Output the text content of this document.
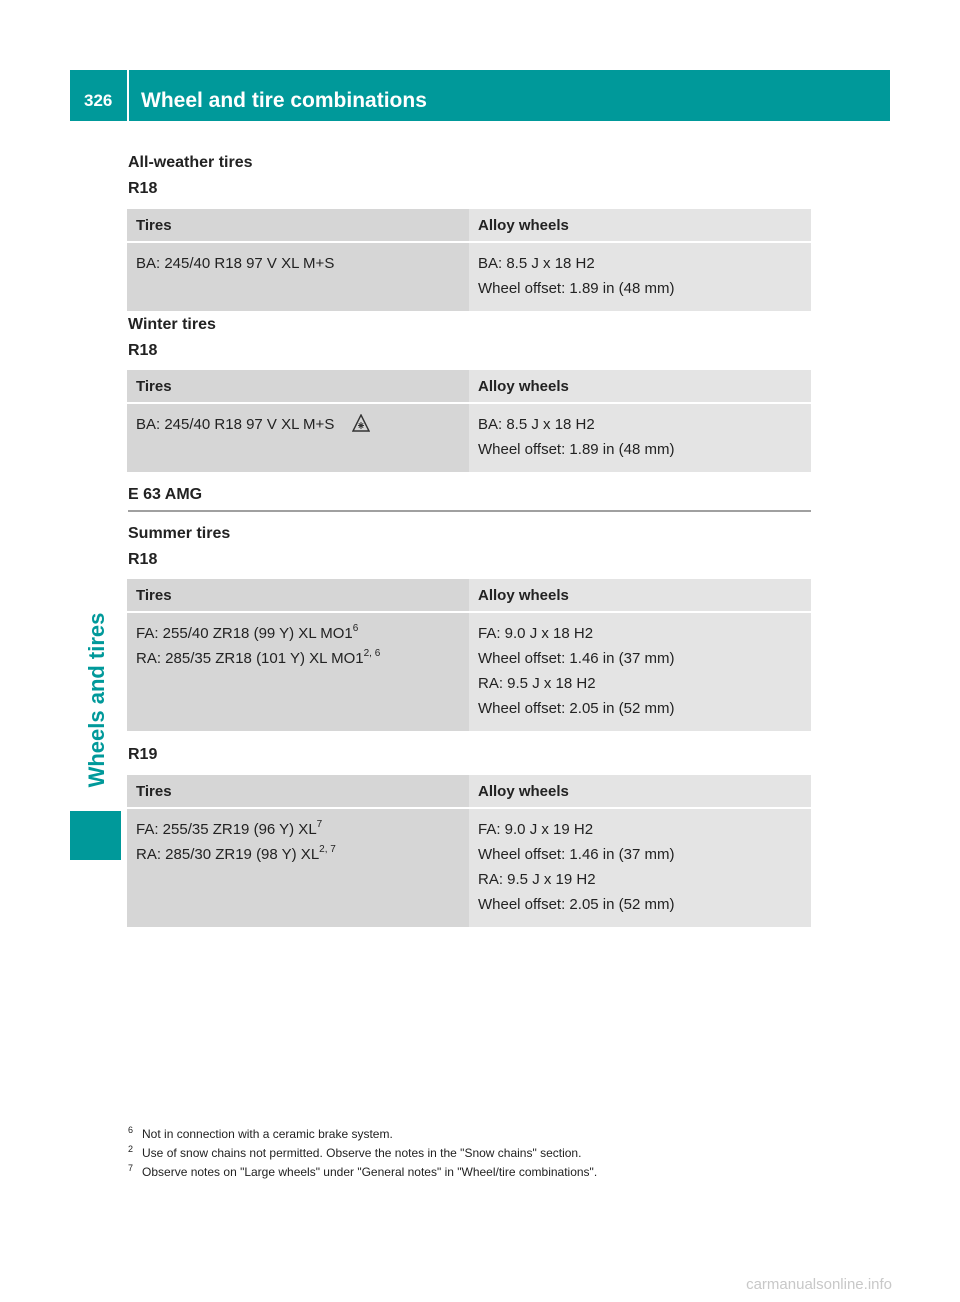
326 Wheel and tire combinations
Wheels and tires
All-weather tires
R18
Tires	Alloy wheels

BA: 245/40 R18 97 V XL M+S	BA: 8.5 J x 18 H2
Wheel offset: 1.89 in (48 mm)
Winter tires
R18
Tires	Alloy wheels

BA: 245/40 R18 97 V XL M+S	BA: 8.5 J x 18 H2
Wheel offset: 1.89 in (48 mm)
E 63 AMG
Summer tires
R18
Tires	Alloy wheels

FA: 255/40 ZR18 (99 Y) XL $MO1^6$
RA: 285/35 ZR18 (101 Y) XL MO1$^{2, 6}$	FA: 9.0 J x 18 H2
Wheel offset: 1.46 in (37 mm)
RA: 9.5 J x 18 H2
Wheel offset: 2.05 in (52 mm)
R19
Tires	Alloy wheels

FA: 255/35 ZR19 (96 Y) $XL^7$
RA: 285/30 ZR19 (98 Y) XL$^{2, 7}$	FA: 9.0 J x 19 H2
Wheel offset: 1.46 in (37 mm)
RA: 9.5 J x 19 H2
Wheel offset: 2.05 in (52 mm)
$^6$ Not in connection with a ceramic brake system.
$^2$ Use of snow chains not permitted. Observe the notes in the "Snow chains" section.
$^7$ Observe notes on "Large wheels" under "General notes" in "Wheel/tire combinations".
carmanualsonline.info
